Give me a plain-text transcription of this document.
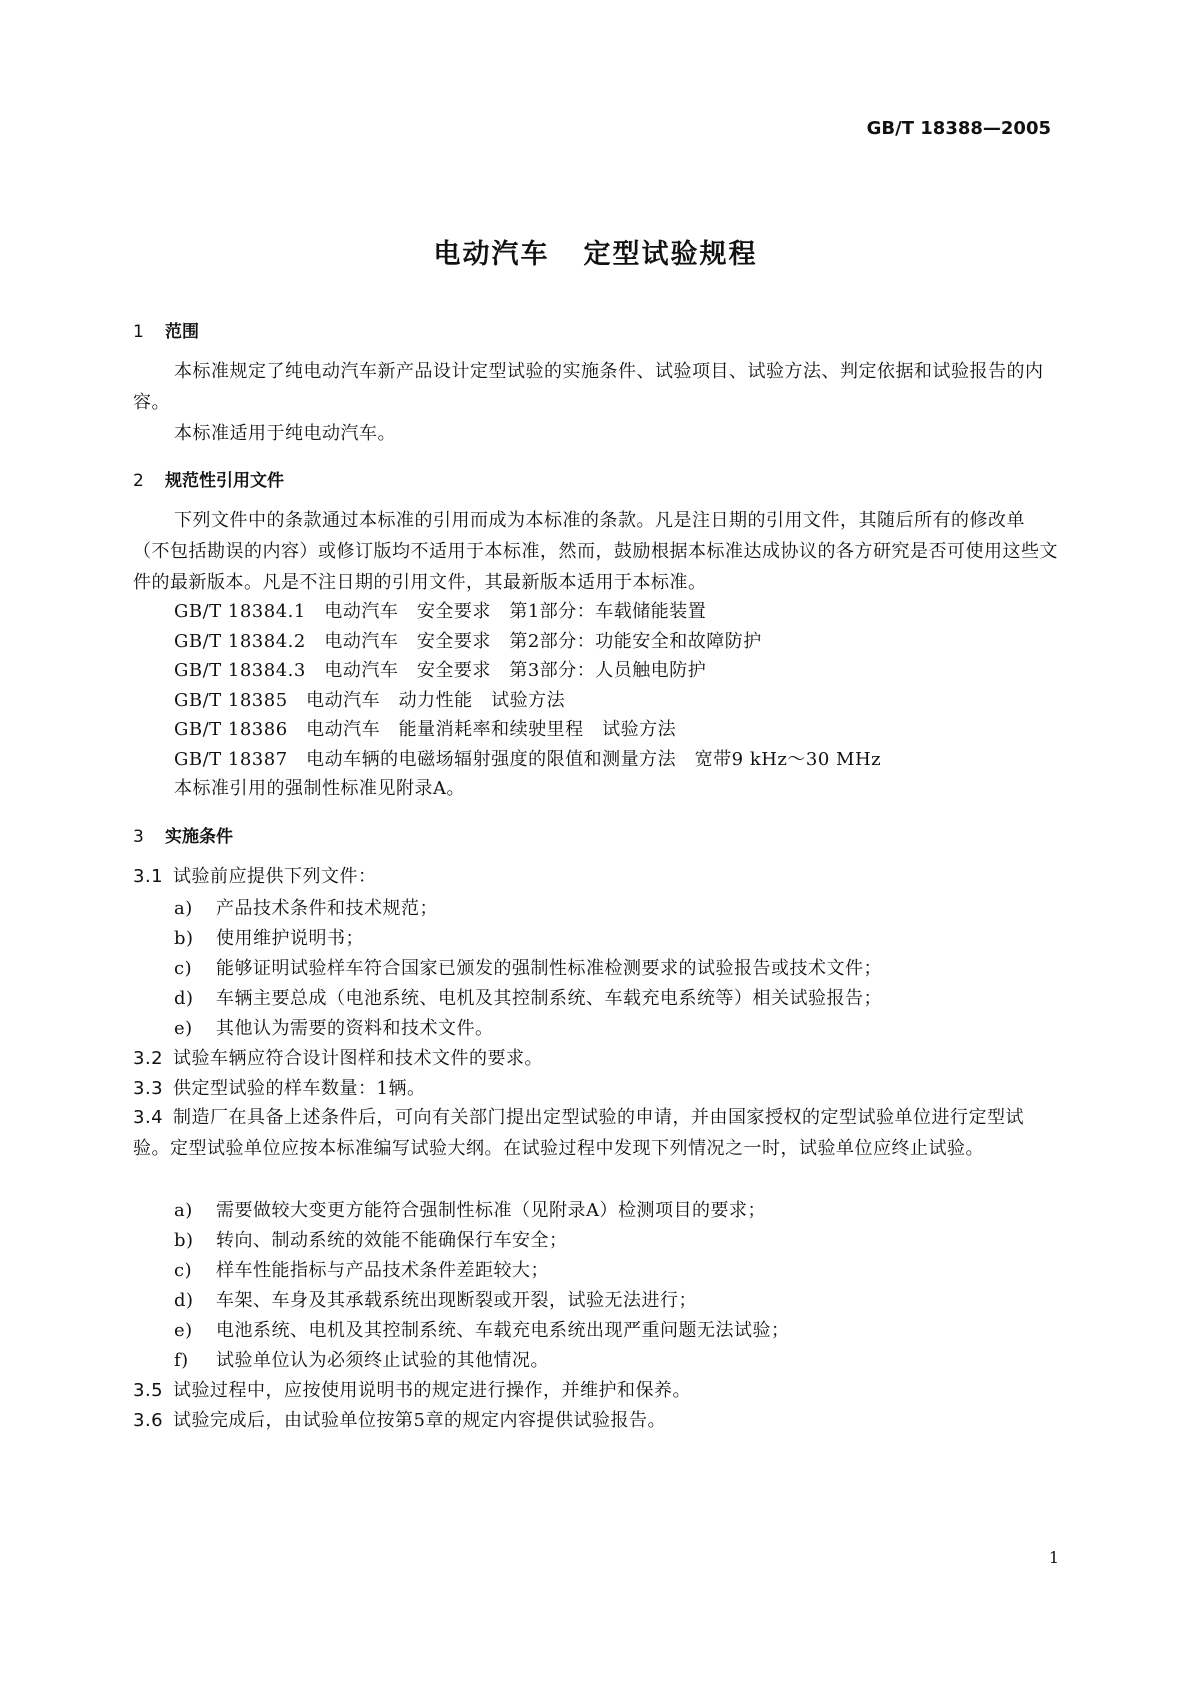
GB/T 18388—2005
电动汽车 定型试验规程
1 范围
本标准规定了纯电动汽车新产品设计定型试验的实施条件、试验项目、试验方法、判定依据和试验报告的内容。
本标准适用于纯电动汽车。
2 规范性引用文件
下列文件中的条款通过本标准的引用而成为本标准的条款。凡是注日期的引用文件，其随后所有的修改单（不包括勘误的内容）或修订版均不适用于本标准，然而，鼓励根据本标准达成协议的各方研究是否可使用这些文件的最新版本。凡是不注日期的引用文件，其最新版本适用于本标准。
GB/T 18384.1　电动汽车　安全要求　第1部分：车载储能装置
GB/T 18384.2　电动汽车　安全要求　第2部分：功能安全和故障防护
GB/T 18384.3　电动汽车　安全要求　第3部分：人员触电防护
GB/T 18385　电动汽车　动力性能　试验方法
GB/T 18386　电动汽车　能量消耗率和续驶里程　试验方法
GB/T 18387　电动车辆的电磁场辐射强度的限值和测量方法　宽带9 kHz～30 MHz
本标准引用的强制性标准见附录A。
3 实施条件
3.1 试验前应提供下列文件：
a) 产品技术条件和技术规范；
b) 使用维护说明书；
c) 能够证明试验样车符合国家已颁发的强制性标准检测要求的试验报告或技术文件；
d) 车辆主要总成（电池系统、电机及其控制系统、车载充电系统等）相关试验报告；
e) 其他认为需要的资料和技术文件。
3.2 试验车辆应符合设计图样和技术文件的要求。
3.3 供定型试验的样车数量：1辆。
3.4 制造厂在具备上述条件后，可向有关部门提出定型试验的申请，并由国家授权的定型试验单位进行定型试验。定型试验单位应按本标准编写试验大纲。在试验过程中发现下列情况之一时，试验单位应终止试验。
a) 需要做较大变更方能符合强制性标准（见附录A）检测项目的要求；
b) 转向、制动系统的效能不能确保行车安全；
c) 样车性能指标与产品技术条件差距较大；
d) 车架、车身及其承载系统出现断裂或开裂，试验无法进行；
e) 电池系统、电机及其控制系统、车载充电系统出现严重问题无法试验；
f) 试验单位认为必须终止试验的其他情况。
3.5 试验过程中，应按使用说明书的规定进行操作，并维护和保养。
3.6 试验完成后，由试验单位按第5章的规定内容提供试验报告。
1
